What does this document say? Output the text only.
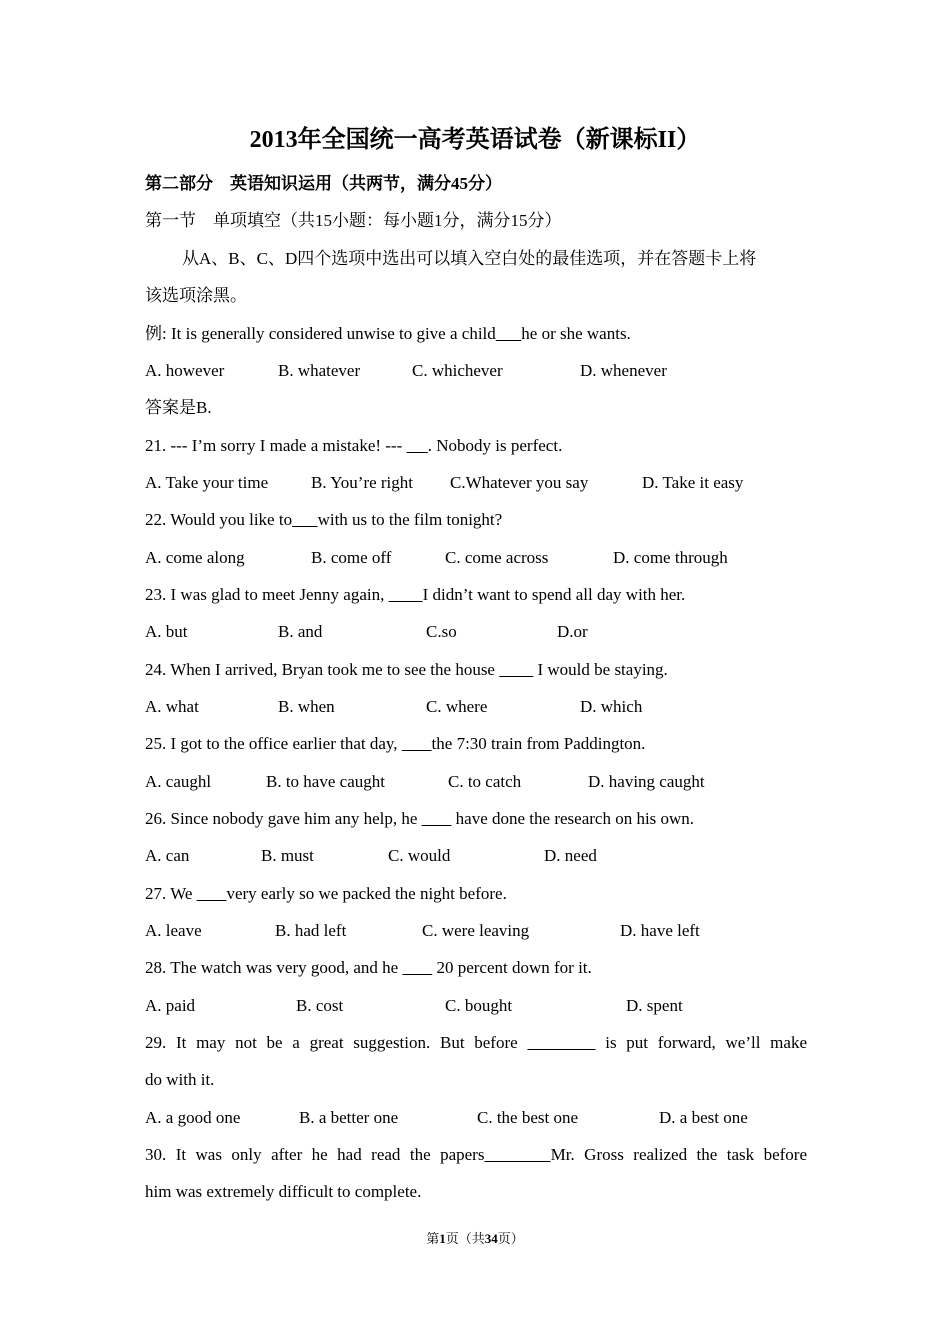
2013年全国统一高考英语试卷（新课标II）
第二部分　英语知识运用（共两节，满分45分）
第一节　单项填空（共15小题：每小题1分，满分15分）
从A、B、C、D四个选项中选出可以填入空白处的最佳选项，并在答题卡上将
该选项涂黑。
例: It is generally considered unwise to give a child he or she wants.
A. however	B. whatever	C. whichever	D. whenever
答案是B.
21. --- I’m sorry I made a mistake! ---      . Nobody is perfect.
A. Take your time	B. You’re right C.Whatever you say	D. Take it easy
22. Would you like to with us to the film tonight?
A. come along	B. come off	C. come across	D. come through
23. I was glad to meet Jenny again,         I didn’t want to spend all day with her.
A. but	B. and	C.so	D.or
24. When I arrived, Bryan took me to see the house          I would be staying.
A. what	B. when	C. where	D. which
25. I got to the office earlier that day,        the 7:30 train from Paddington.
A. caughl	B. to have caught	C. to catch	D. having caught
26. Since nobody gave him any help, he         have done the research on his own.
A. can	B. must	C. would	D. need
27. We        very early so we packed the night before.
A. leave	B. had left	C. were leaving	D. have left
28. The watch was very good, and he         20 percent down for it.
A. paid	B. cost	C. bought	D. spent
29. It may not be a great suggestion. But before	is put forward, we’ll make
do with it.
A. a good one	B. a better one	C. the best one	D. a best one
30. It was only after he had read the papers	Mr. Gross realized the task before
him was extremely difficult to complete.
第1页（共34页）
